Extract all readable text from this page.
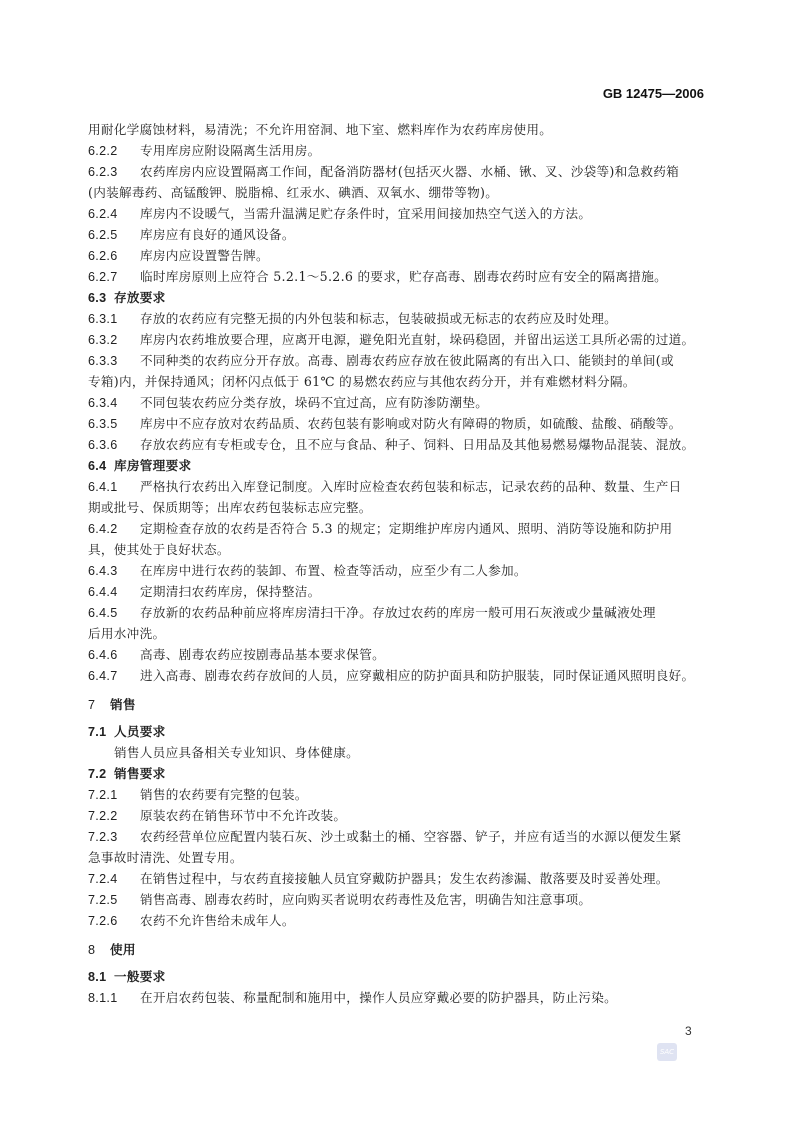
GB 12475—2006
用耐化学腐蚀材料，易清洗；不允许用窑洞、地下室、燃料库作为农药库房使用。
6.2.2 专用库房应附设隔离生活用房。
6.2.3 农药库房内应设置隔离工作间，配备消防器材(包括灭火器、水桶、锹、叉、沙袋等)和急救药箱
(内装解毒药、高锰酸钾、脱脂棉、红汞水、碘酒、双氧水、绷带等物)。
6.2.4 库房内不设暖气，当需升温满足贮存条件时，宜采用间接加热空气送入的方法。
6.2.5 库房应有良好的通风设备。
6.2.6 库房内应设置警告牌。
6.2.7 临时库房原则上应符合 5.2.1～5.2.6 的要求，贮存高毒、剧毒农药时应有安全的隔离措施。
6.3 存放要求
6.3.1 存放的农药应有完整无损的内外包装和标志，包装破损或无标志的农药应及时处理。
6.3.2 库房内农药堆放要合理，应离开电源，避免阳光直射，垛码稳固，并留出运送工具所必需的过道。
6.3.3 不同种类的农药应分开存放。高毒、剧毒农药应存放在彼此隔离的有出入口、能锁封的单间(或
专箱)内，并保持通风；闭杯闪点低于 61℃ 的易燃农药应与其他农药分开，并有难燃材料分隔。
6.3.4 不同包装农药应分类存放，垛码不宜过高，应有防渗防潮垫。
6.3.5 库房中不应存放对农药品质、农药包装有影响或对防火有障碍的物质，如硫酸、盐酸、硝酸等。
6.3.6 存放农药应有专柜或专仓，且不应与食品、种子、饲料、日用品及其他易燃易爆物品混装、混放。
6.4 库房管理要求
6.4.1 严格执行农药出入库登记制度。入库时应检查农药包装和标志，记录农药的品种、数量、生产日
期或批号、保质期等；出库农药包装标志应完整。
6.4.2 定期检查存放的农药是否符合 5.3 的规定；定期维护库房内通风、照明、消防等设施和防护用
具，使其处于良好状态。
6.4.3 在库房中进行农药的装卸、布置、检查等活动，应至少有二人参加。
6.4.4 定期清扫农药库房，保持整洁。
6.4.5 存放新的农药品种前应将库房清扫干净。存放过农药的库房一般可用石灰液或少量碱液处理
后用水冲洗。
6.4.6 高毒、剧毒农药应按剧毒品基本要求保管。
6.4.7 进入高毒、剧毒农药存放间的人员，应穿戴相应的防护面具和防护服装，同时保证通风照明良好。
7 销售
7.1 人员要求
销售人员应具备相关专业知识、身体健康。
7.2 销售要求
7.2.1 销售的农药要有完整的包装。
7.2.2 原装农药在销售环节中不允许改装。
7.2.3 农药经营单位应配置内装石灰、沙土或黏土的桶、空容器、铲子，并应有适当的水源以便发生紧
急事故时清洗、处置专用。
7.2.4 在销售过程中，与农药直接接触人员宜穿戴防护器具；发生农药渗漏、散落要及时妥善处理。
7.2.5 销售高毒、剧毒农药时，应向购买者说明农药毒性及危害，明确告知注意事项。
7.2.6 农药不允许售给未成年人。
8 使用
8.1 一般要求
8.1.1 在开启农药包装、称量配制和施用中，操作人员应穿戴必要的防护器具，防止污染。
3
SAC
